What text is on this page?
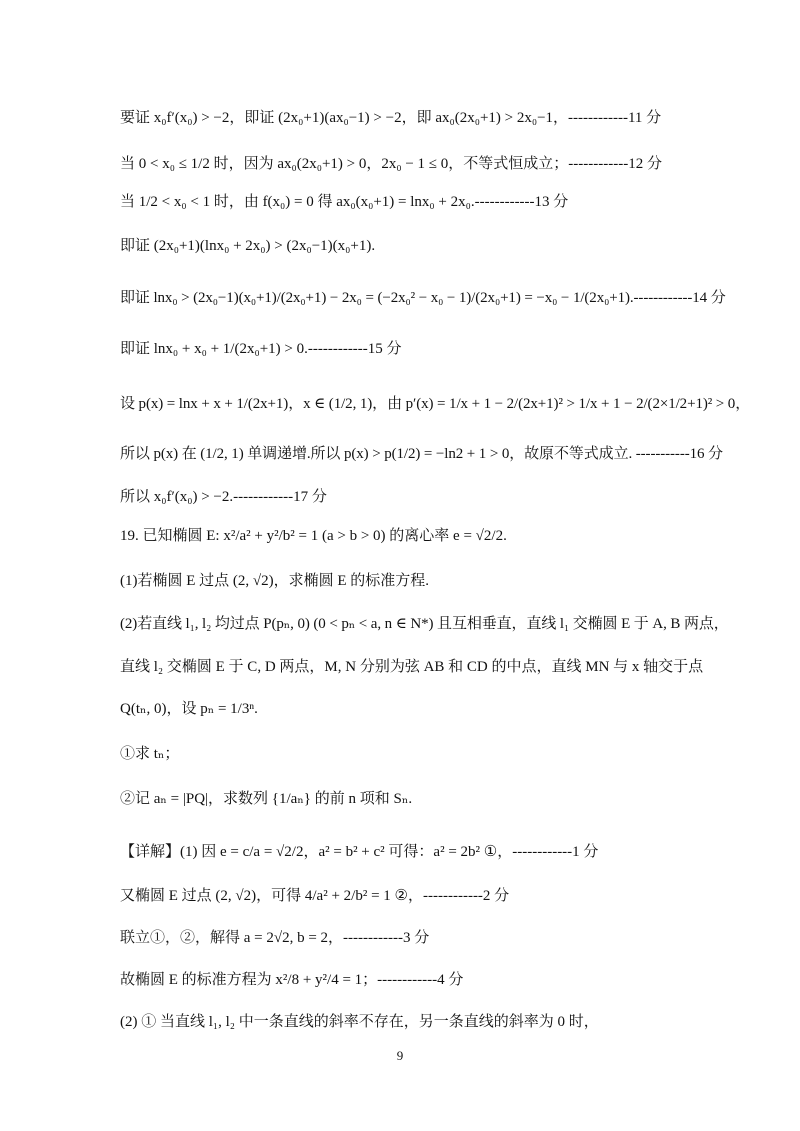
要证 x₀f′(x₀) > −2，即证 (2x₀+1)(ax₀−1) > −2，即 ax₀(2x₀+1) > 2x₀−1，------------11 分
当 0 < x₀ ≤ 1/2 时，因为 ax₀(2x₀+1) > 0，2x₀ − 1 ≤ 0，不等式恒成立；------------12 分
当 1/2 < x₀ < 1 时，由 f(x₀) = 0 得 ax₀(x₀+1) = lnx₀ + 2x₀.------------13 分
即证 (2x₀+1)(lnx₀ + 2x₀) > (2x₀−1)(x₀+1).
即证 lnx₀ > (2x₀−1)(x₀+1)/(2x₀+1) − 2x₀ = (−2x₀² − x₀ − 1)/(2x₀+1) = −x₀ − 1/(2x₀+1).------------14 分
即证 lnx₀ + x₀ + 1/(2x₀+1) > 0.------------15 分
设 p(x) = lnx + x + 1/(2x+1)，x ∈ (1/2, 1)，由 p′(x) = 1/x + 1 − 2/(2x+1)² > 1/x + 1 − 2/(2×1/2+1)² > 0，
所以 p(x) 在 (1/2, 1) 单调递增.所以 p(x) > p(1/2) = −ln2 + 1 > 0，故原不等式成立. -----------16 分
所以 x₀f′(x₀) > −2.------------17 分
19. 已知椭圆 E: x²/a² + y²/b² = 1 (a > b > 0) 的离心率 e = √2/2.
(1)若椭圆 E 过点 (2, √2)，求椭圆 E 的标准方程.
(2)若直线 l₁, l₂ 均过点 P(pₙ, 0) (0 < pₙ < a, n ∈ N*) 且互相垂直，直线 l₁ 交椭圆 E 于 A, B 两点，
直线 l₂ 交椭圆 E 于 C, D 两点，M, N 分别为弦 AB 和 CD 的中点，直线 MN 与 x 轴交于点
Q(tₙ, 0)，设 pₙ = 1/3ⁿ.
①求 tₙ；
②记 aₙ = |PQ|，求数列 {1/aₙ} 的前 n 项和 Sₙ.
【详解】(1) 因 e = c/a = √2/2，a² = b² + c² 可得：a² = 2b² ①，------------1 分
又椭圆 E 过点 (2, √2)，可得 4/a² + 2/b² = 1 ②，------------2 分
联立①，②，解得 a = 2√2, b = 2，------------3 分
故椭圆 E 的标准方程为 x²/8 + y²/4 = 1；------------4 分
(2) ① 当直线 l₁, l₂ 中一条直线的斜率不存在，另一条直线的斜率为 0 时，
9
